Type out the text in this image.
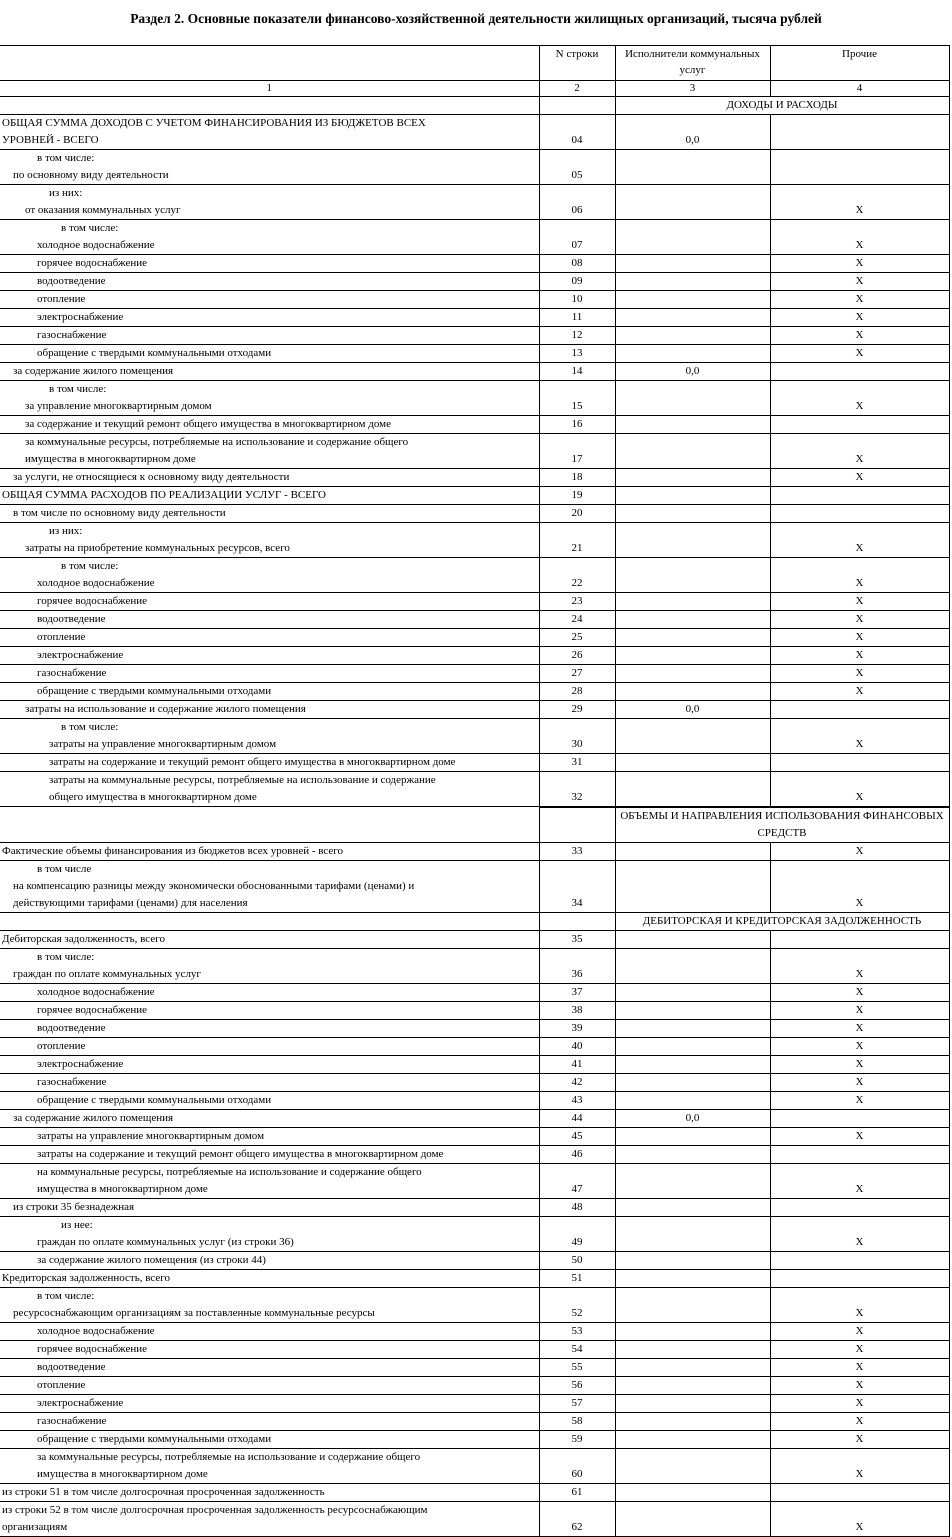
Раздел 2. Основные показатели финансово-хозяйственной деятельности жилищных организаций, тысяча рублей
	N строки	Исполнители коммунальных услуг	Прочие
1	2	3	4
		ДОХОДЫ И РАСХОДЫ	

ОБЩАЯ СУММА ДОХОДОВ С УЧЕТОМ ФИНАНСИРОВАНИЯ ИЗ БЮДЖЕТОВ ВСЕХ
УРОВНЕЙ - ВСЕГО	04	0,0	

в том числе:
по основному виду деятельности	05		

из них:
от оказания коммунальных услуг	06		X

в том числе:
холодное водоснабжение	07		X

горячее водоснабжение	08		X

водоотведение	09		X

отопление	10		X

электроснабжение	11		X

газоснабжение	12		X

обращение с твердыми коммунальными отходами	13		X

за содержание жилого помещения	14	0,0	

в том числе:
за управление многоквартирным домом	15		X

за содержание и текущий ремонт общего имущества в многоквартирном доме	16		

за коммунальные ресурсы, потребляемые на использование и содержание общего
имущества в многоквартирном доме	17		X

за услуги, не относящиеся к основному виду деятельности	18		X

ОБЩАЯ СУММА РАСХОДОВ ПО РЕАЛИЗАЦИИ УСЛУГ - ВСЕГО	19		

в том числе по основному виду деятельности	20		

из них:
затраты на приобретение коммунальных ресурсов, всего	21		X

в том числе:
холодное водоснабжение	22		X

горячее водоснабжение	23		X

водоотведение	24		X

отопление	25		X

электроснабжение	26		X

газоснабжение	27		X

обращение с твердыми коммунальными отходами	28		X

затраты на использование и содержание жилого помещения	29	0,0	

в том числе:
затраты на управление многоквартирным домом	30		X

затраты на содержание и текущий ремонт общего имущества в многоквартирном доме	31		

затраты на коммунальные ресурсы, потребляемые на использование и содержание
общего имущества в многоквартирном доме	32		X
		ОБЪЕМЫ И НАПРАВЛЕНИЯ ИСПОЛЬЗОВАНИЯ ФИНАНСОВЫХ СРЕДСТВ	

Фактические объемы финансирования из бюджетов всех уровней - всего	33		X

в том числе
на компенсацию разницы между экономически обоснованными тарифами (ценами) и
действующими тарифами (ценами) для населения	34		X
		ДЕБИТОРСКАЯ И КРЕДИТОРСКАЯ ЗАДОЛЖЕННОСТЬ	

Дебиторская задолженность, всего	35		

в том числе:
граждан по оплате коммунальных услуг	36		X

холодное водоснабжение	37		X

горячее водоснабжение	38		X

водоотведение	39		X

отопление	40		X

электроснабжение	41		X

газоснабжение	42		X

обращение с твердыми коммунальными отходами	43		X

за содержание жилого помещения	44	0,0	

затраты на управление многоквартирным домом	45		X

затраты на содержание и текущий ремонт общего имущества в многоквартирном доме	46		

на коммунальные ресурсы, потребляемые на использование и содержание общего
имущества в многоквартирном доме	47		X

из строки 35 безнадежная	48		

из нее:
граждан по оплате коммунальных услуг (из строки 36)	49		X

за содержание жилого помещения (из строки 44)	50		

Кредиторская задолженность, всего	51		

в том числе:
ресурсоснабжающим организациям за поставленные коммунальные ресурсы	52		X

холодное водоснабжение	53		X

горячее водоснабжение	54		X

водоотведение	55		X

отопление	56		X

электроснабжение	57		X

газоснабжение	58		X

обращение с твердыми коммунальными отходами	59		X

за коммунальные ресурсы, потребляемые на использование и содержание общего
имущества в многоквартирном доме	60		X

из строки 51 в том числе долгосрочная просроченная задолженность	61		

из строки 52 в том числе долгосрочная просроченная задолженность ресурсоснабжающим
организациям	62		X
